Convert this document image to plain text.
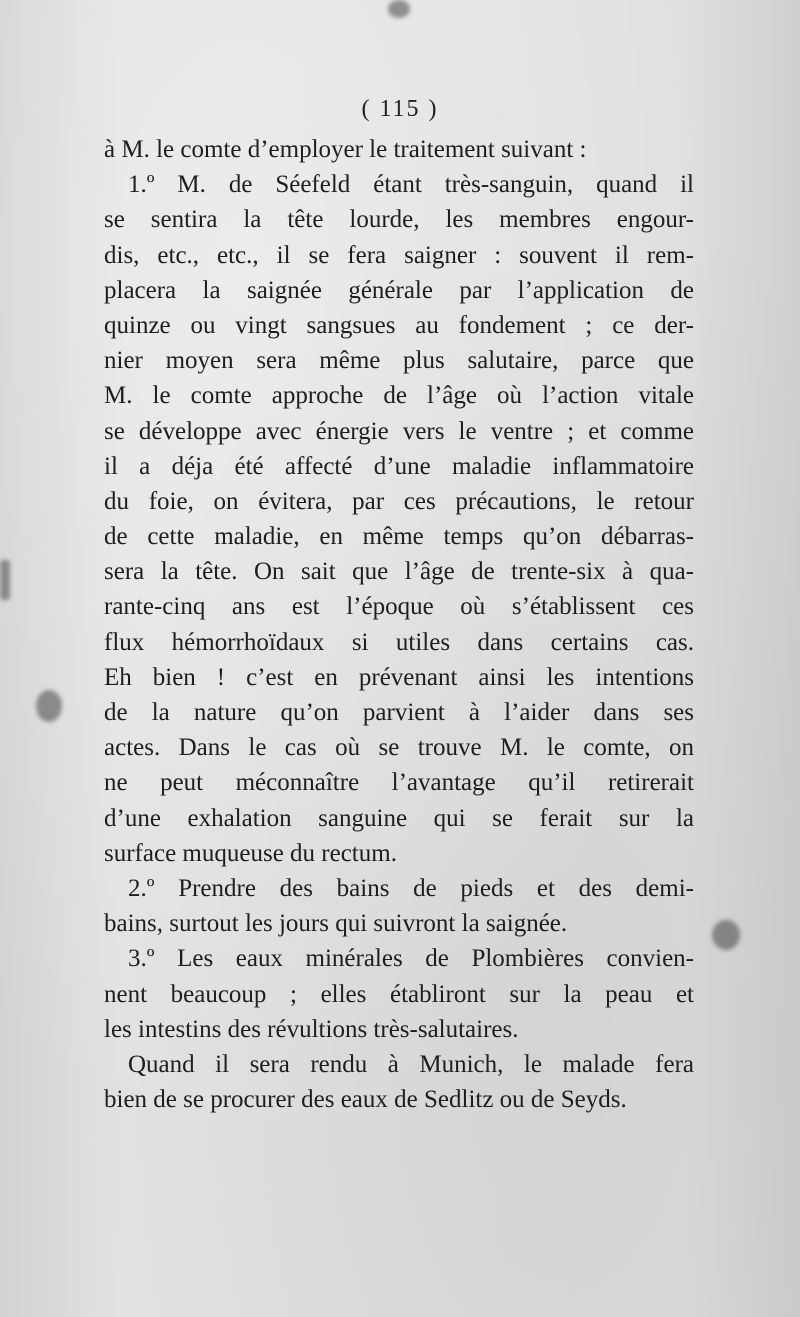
( 115 )
à M. le comte d’employer le traitement suivant :
1.º M. de Séefeld étant très-sanguin, quand il
se sentira la tête lourde, les membres engour-
dis, etc., etc., il se fera saigner : souvent il rem-
placera la saignée générale par l’application de
quinze ou vingt sangsues au fondement ; ce der-
nier moyen sera même plus salutaire, parce que
M. le comte approche de l’âge où l’action vitale
se développe avec énergie vers le ventre ; et comme
il a déja été affecté d’une maladie inflammatoire
du foie, on évitera, par ces précautions, le retour
de cette maladie, en même temps qu’on débarras-
sera la tête. On sait que l’âge de trente-six à qua-
rante-cinq ans est l’époque où s’établissent ces
flux hémorrhoïdaux si utiles dans certains cas.
Eh bien ! c’est en prévenant ainsi les intentions
de la nature qu’on parvient à l’aider dans ses
actes. Dans le cas où se trouve M. le comte, on
ne peut méconnaître l’avantage qu’il retirerait
d’une exhalation sanguine qui se ferait sur la
surface muqueuse du rectum.
2.º Prendre des bains de pieds et des demi-
bains, surtout les jours qui suivront la saignée.
3.º Les eaux minérales de Plombières convien-
nent beaucoup ; elles établiront sur la peau et
les intestins des révultions très-salutaires.
Quand il sera rendu à Munich, le malade fera
bien de se procurer des eaux de Sedlitz ou de Seyds.
